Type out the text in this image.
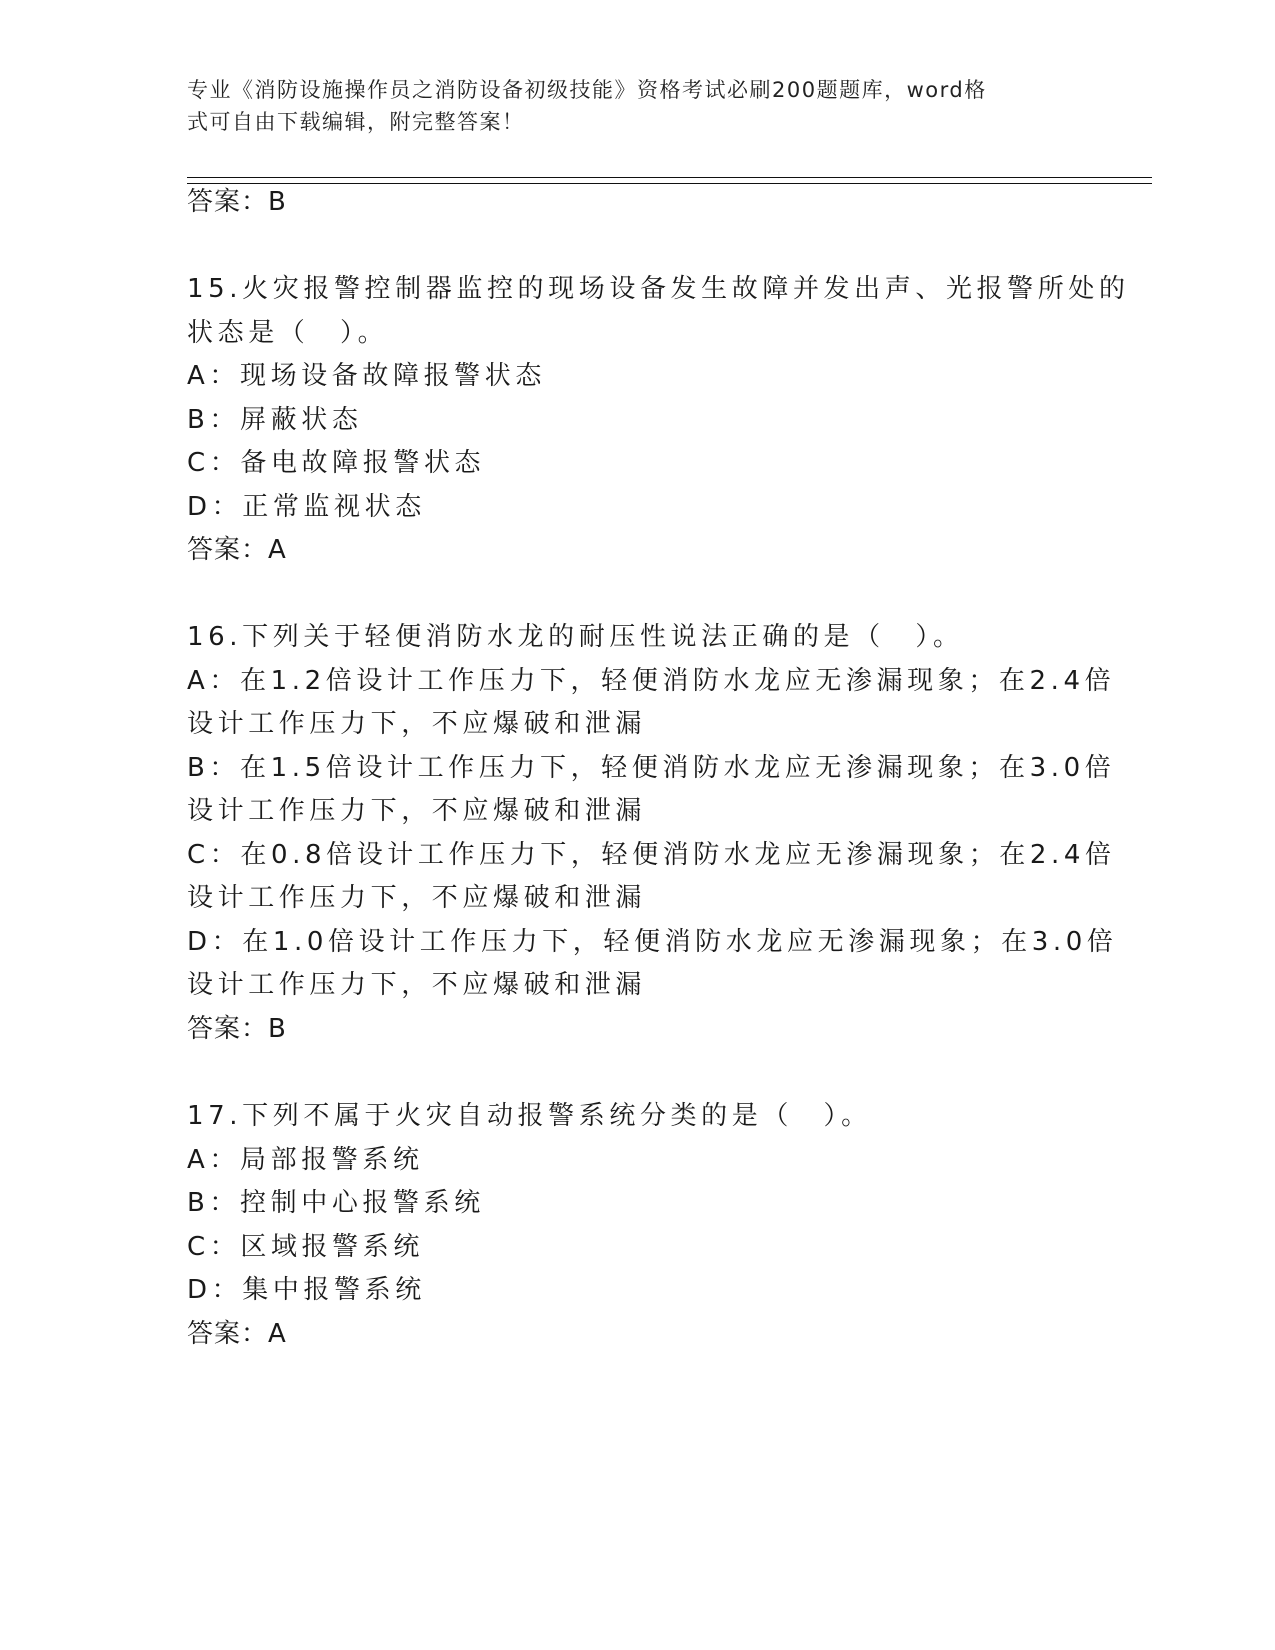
专业《消防设施操作员之消防设备初级技能》资格考试必刷200题题库，word格
式可自由下载编辑，附完整答案！
答案：B
15.火灾报警控制器监控的现场设备发生故障并发出声、光报警所处的
状态是（　）。
A：现场设备故障报警状态
B：屏蔽状态
C：备电故障报警状态
D：正常监视状态
答案：A
16.下列关于轻便消防水龙的耐压性说法正确的是（　）。
A：在1.2倍设计工作压力下，轻便消防水龙应无渗漏现象；在2.4倍
设计工作压力下，不应爆破和泄漏
B：在1.5倍设计工作压力下，轻便消防水龙应无渗漏现象；在3.0倍
设计工作压力下，不应爆破和泄漏
C：在0.8倍设计工作压力下，轻便消防水龙应无渗漏现象；在2.4倍
设计工作压力下，不应爆破和泄漏
D：在1.0倍设计工作压力下，轻便消防水龙应无渗漏现象；在3.0倍
设计工作压力下，不应爆破和泄漏
答案：B
17.下列不属于火灾自动报警系统分类的是（　）。
A：局部报警系统
B：控制中心报警系统
C：区域报警系统
D：集中报警系统
答案：A
